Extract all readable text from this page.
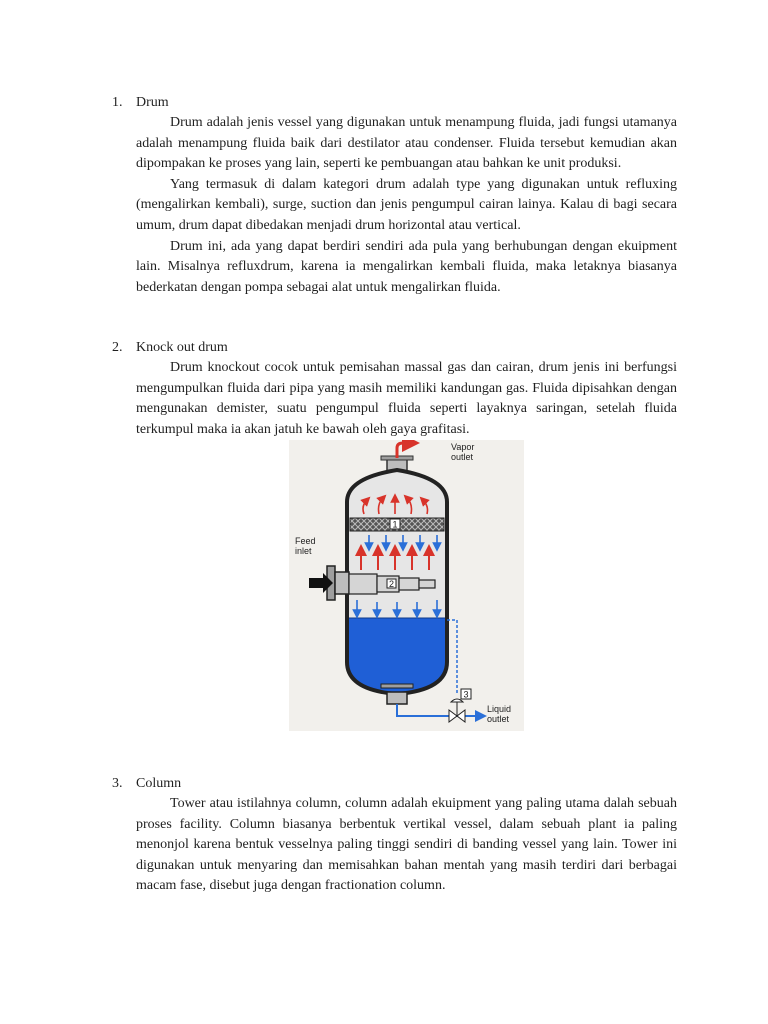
1. Drum

Drum adalah jenis vessel yang digunakan untuk menampung fluida, jadi fungsi utamanya adalah menampung fluida baik dari destilator atau condenser. Fluida tersebut kemudian akan dipompakan ke proses yang lain, seperti ke pembuangan atau bahkan ke unit produksi.

Yang termasuk di dalam kategori drum adalah type yang digunakan untuk refluxing (mengalirkan kembali), surge, suction dan jenis pengumpul cairan lainya. Kalau di bagi secara umum, drum dapat dibedakan menjadi drum horizontal atau vertical.

Drum ini, ada yang dapat berdiri sendiri ada pula yang berhubungan dengan ekuipment lain. Misalnya refluxdrum, karena ia mengalirkan kembali fluida, maka letaknya biasanya bederkatan dengan pompa sebagai alat untuk mengalirkan fluida.

2. Knock out drum

Drum knockout cocok untuk pemisahan massal gas dan cairan, drum jenis ini berfungsi mengumpulkan fluida dari pipa yang masih memiliki kandungan gas. Fluida dipisahkan dengan mengunakan demister, suatu pengumpul fluida seperti layaknya saringan, setelah fluida terkumpul maka ia akan jatuh ke bawah oleh gaya grafitasi.

1
2
3
Vapor
outlet
Feed
inlet
Liquid
outlet
3. Column

Tower atau istilahnya column, column adalah ekuipment yang paling utama dalah sebuah proses facility. Column biasanya berbentuk vertikal vessel, dalam sebuah plant ia paling menonjol karena bentuk vesselnya paling tinggi sendiri di banding vessel yang lain. Tower ini digunakan untuk menyaring dan memisahkan bahan mentah yang masih terdiri dari berbagai macam fase, disebut juga dengan fractionation column.
